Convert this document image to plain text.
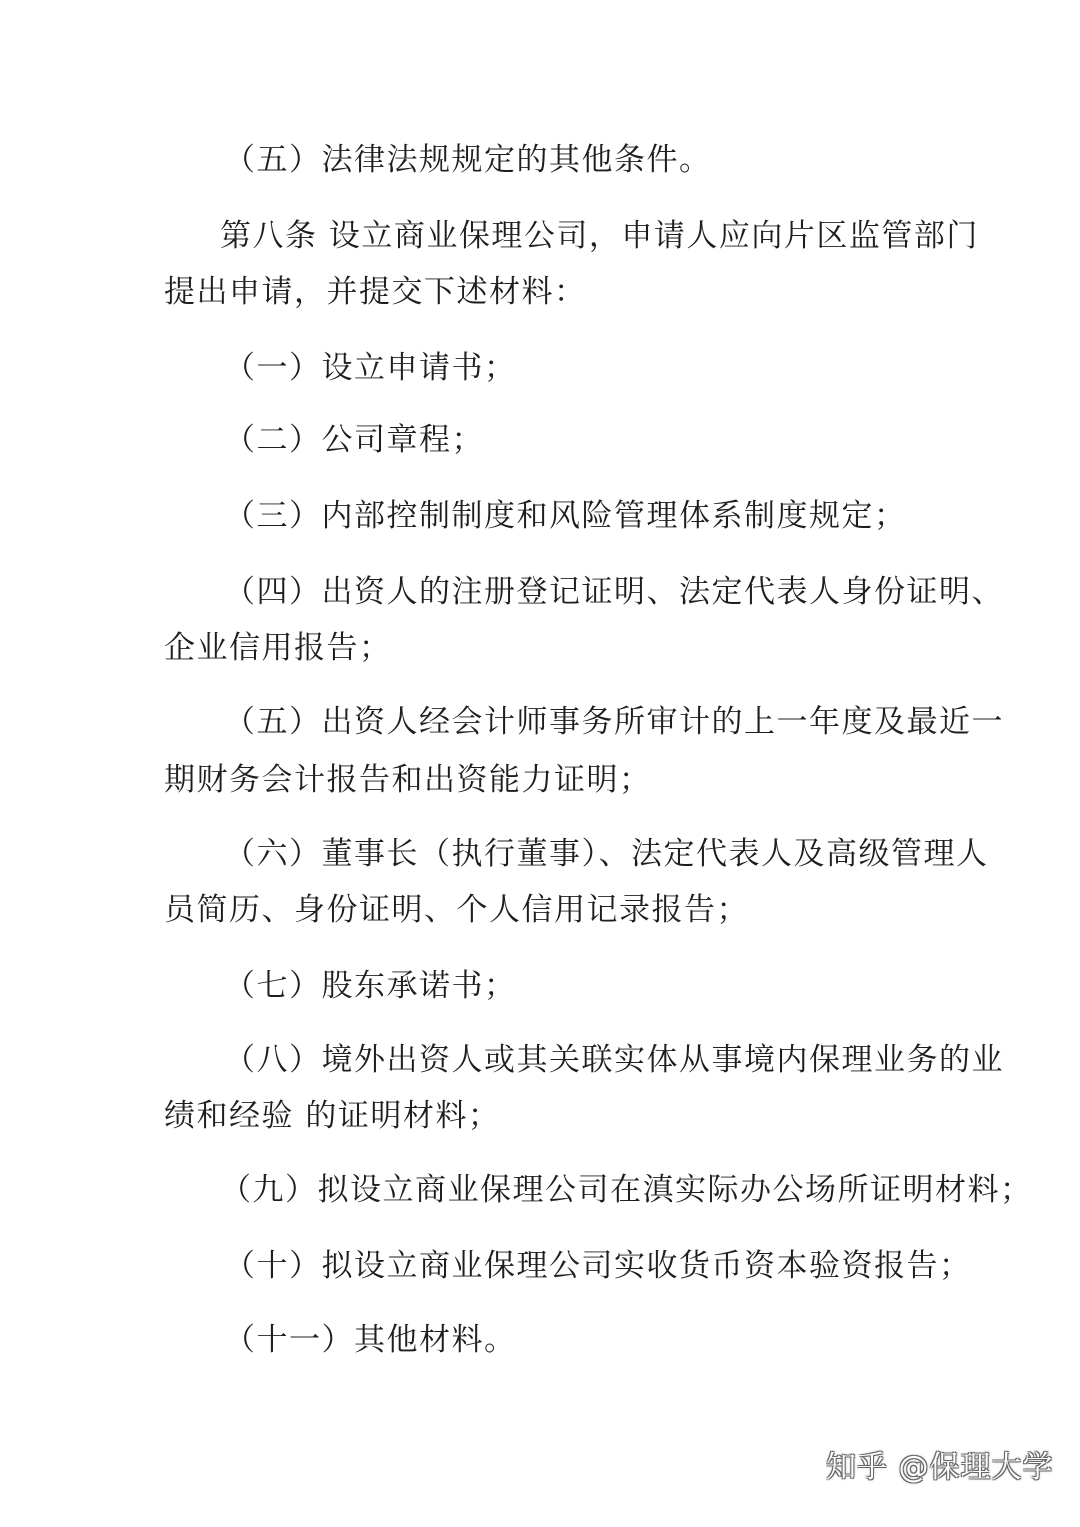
（五）法律法规规定的其他条件。
第八条 设立商业保理公司，申请人应向片区监管部门
提出申请，并提交下述材料：
（一）设立申请书；
（二）公司章程；
（三）内部控制制度和风险管理体系制度规定；
（四）出资人的注册登记证明、法定代表人身份证明、
企业信用报告；
（五）出资人经会计师事务所审计的上一年度及最近一
期财务会计报告和出资能力证明；
（六）董事长（执行董事）、法定代表人及高级管理人
员简历、身份证明、个人信用记录报告；
（七）股东承诺书；
（八）境外出资人或其关联实体从事境内保理业务的业
绩和经验 的证明材料；
（九）拟设立商业保理公司在滇实际办公场所证明材料；
（十）拟设立商业保理公司实收货币资本验资报告；
（十一）其他材料。
知乎 @保理大学
